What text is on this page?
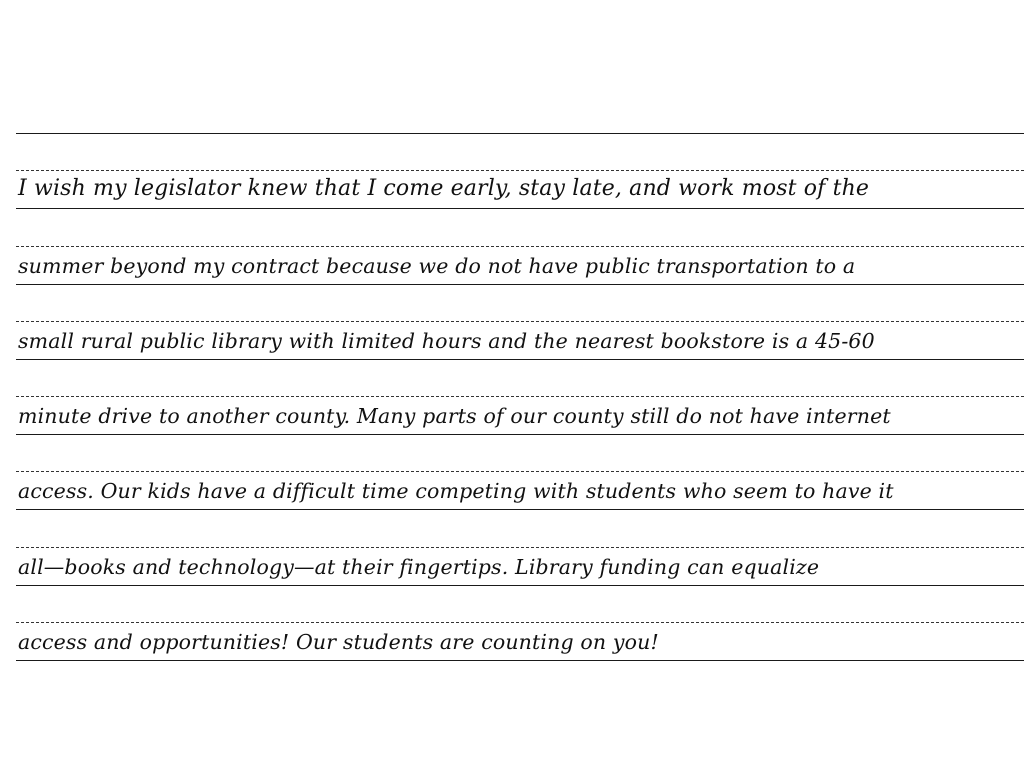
I wish my legislator knew that I come early, stay late, and work most of the
summer beyond my contract because we do not have public transportation to a
small rural public library with limited hours and the nearest bookstore is a 45-60
minute drive to another county. Many parts of our county still do not have internet
access. Our kids have a difficult time competing with students who seem to have it
all—books and technology—at their fingertips. Library funding can equalize
access and opportunities! Our students are counting on you!
